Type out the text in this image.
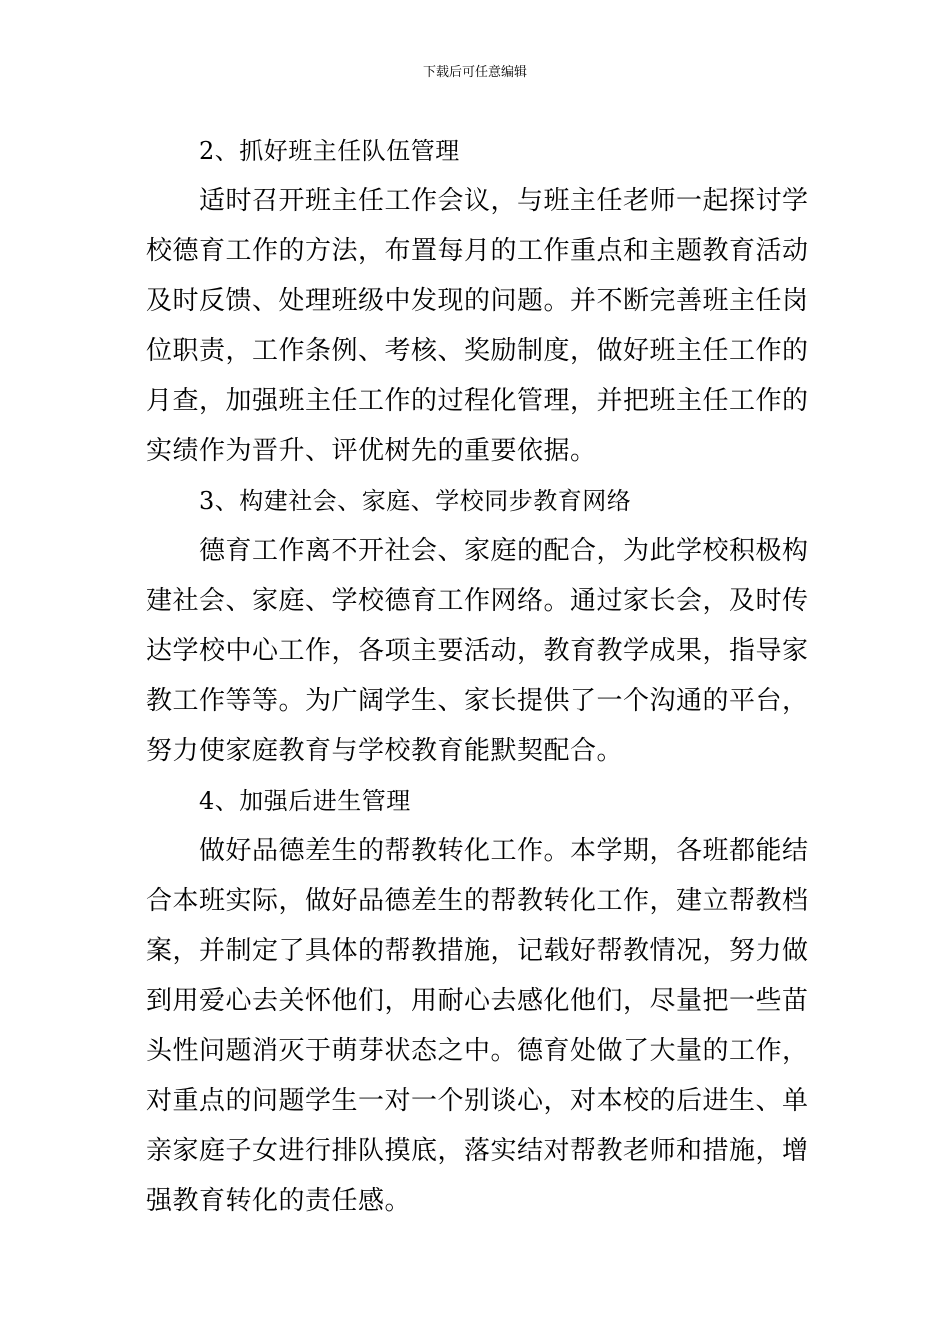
下载后可任意编辑
2、抓好班主任队伍管理
适时召开班主任工作会议，与班主任老师一起探讨学
校德育工作的方法，布置每月的工作重点和主题教育活动
及时反馈、处理班级中发现的问题。并不断完善班主任岗
位职责，工作条例、考核、奖励制度，做好班主任工作的
月查，加强班主任工作的过程化管理，并把班主任工作的
实绩作为晋升、评优树先的重要依据。
3、构建社会、家庭、学校同步教育网络
德育工作离不开社会、家庭的配合，为此学校积极构
建社会、家庭、学校德育工作网络。通过家长会，及时传
达学校中心工作，各项主要活动，教育教学成果，指导家
教工作等等。为广阔学生、家长提供了一个沟通的平台，
努力使家庭教育与学校教育能默契配合。
4、加强后进生管理
做好品德差生的帮教转化工作。本学期，各班都能结
合本班实际，做好品德差生的帮教转化工作，建立帮教档
案，并制定了具体的帮教措施，记载好帮教情况，努力做
到用爱心去关怀他们，用耐心去感化他们，尽量把一些苗
头性问题消灭于萌芽状态之中。德育处做了大量的工作，
对重点的问题学生一对一个别谈心，对本校的后进生、单
亲家庭子女进行排队摸底，落实结对帮教老师和措施，增
强教育转化的责任感。
